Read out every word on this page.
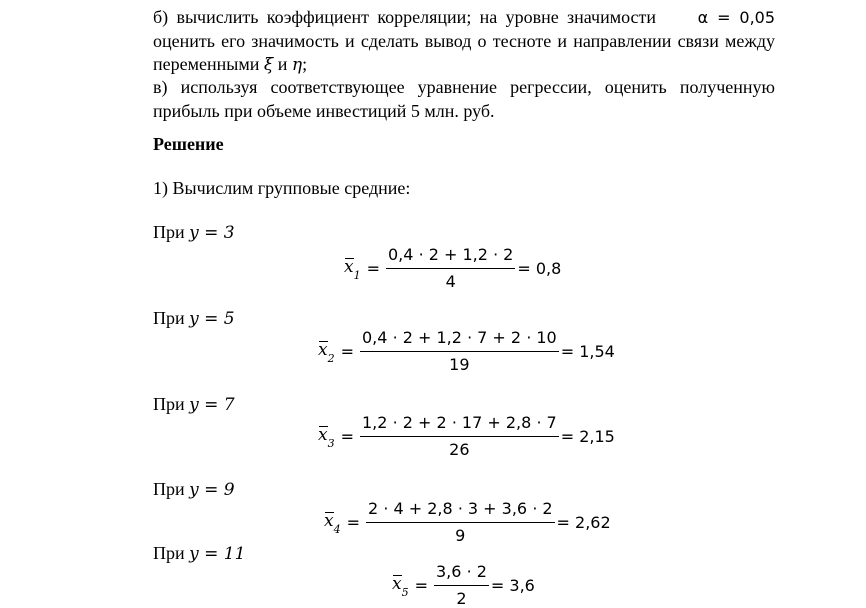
б) вычислить коэффициент корреляции; на уровне значимости	α = 0,05 оценить его значимость и сделать вывод о тесноте и направлении связи между переменными ξ и η;

в) используя соответствующее уравнение регрессии, оценить полученную прибыль при объеме инвестиций 5 млн. руб.

Решение

1) Вычислим групповые средние:

При y = 3

$x_1 = \frac{0,4 \cdot 2 + 1,2 \cdot 2}{4} = 0,8$

При y = 5

$x_2 = \frac{0,4 \cdot 2 + 1,2 \cdot 7 + 2 \cdot 10}{19} = 1,54$

При y = 7

$x_3 = \frac{1,2 \cdot 2 + 2 \cdot 17 + 2,8 \cdot 7}{26} = 2,15$

При y = 9

$x_4 = \frac{2 \cdot 4 + 2,8 \cdot 3 + 3,6 \cdot 2}{9} = 2,62$

При y = 11

$x_5 = \frac{3,6 \cdot 2}{2} = 3,6$
